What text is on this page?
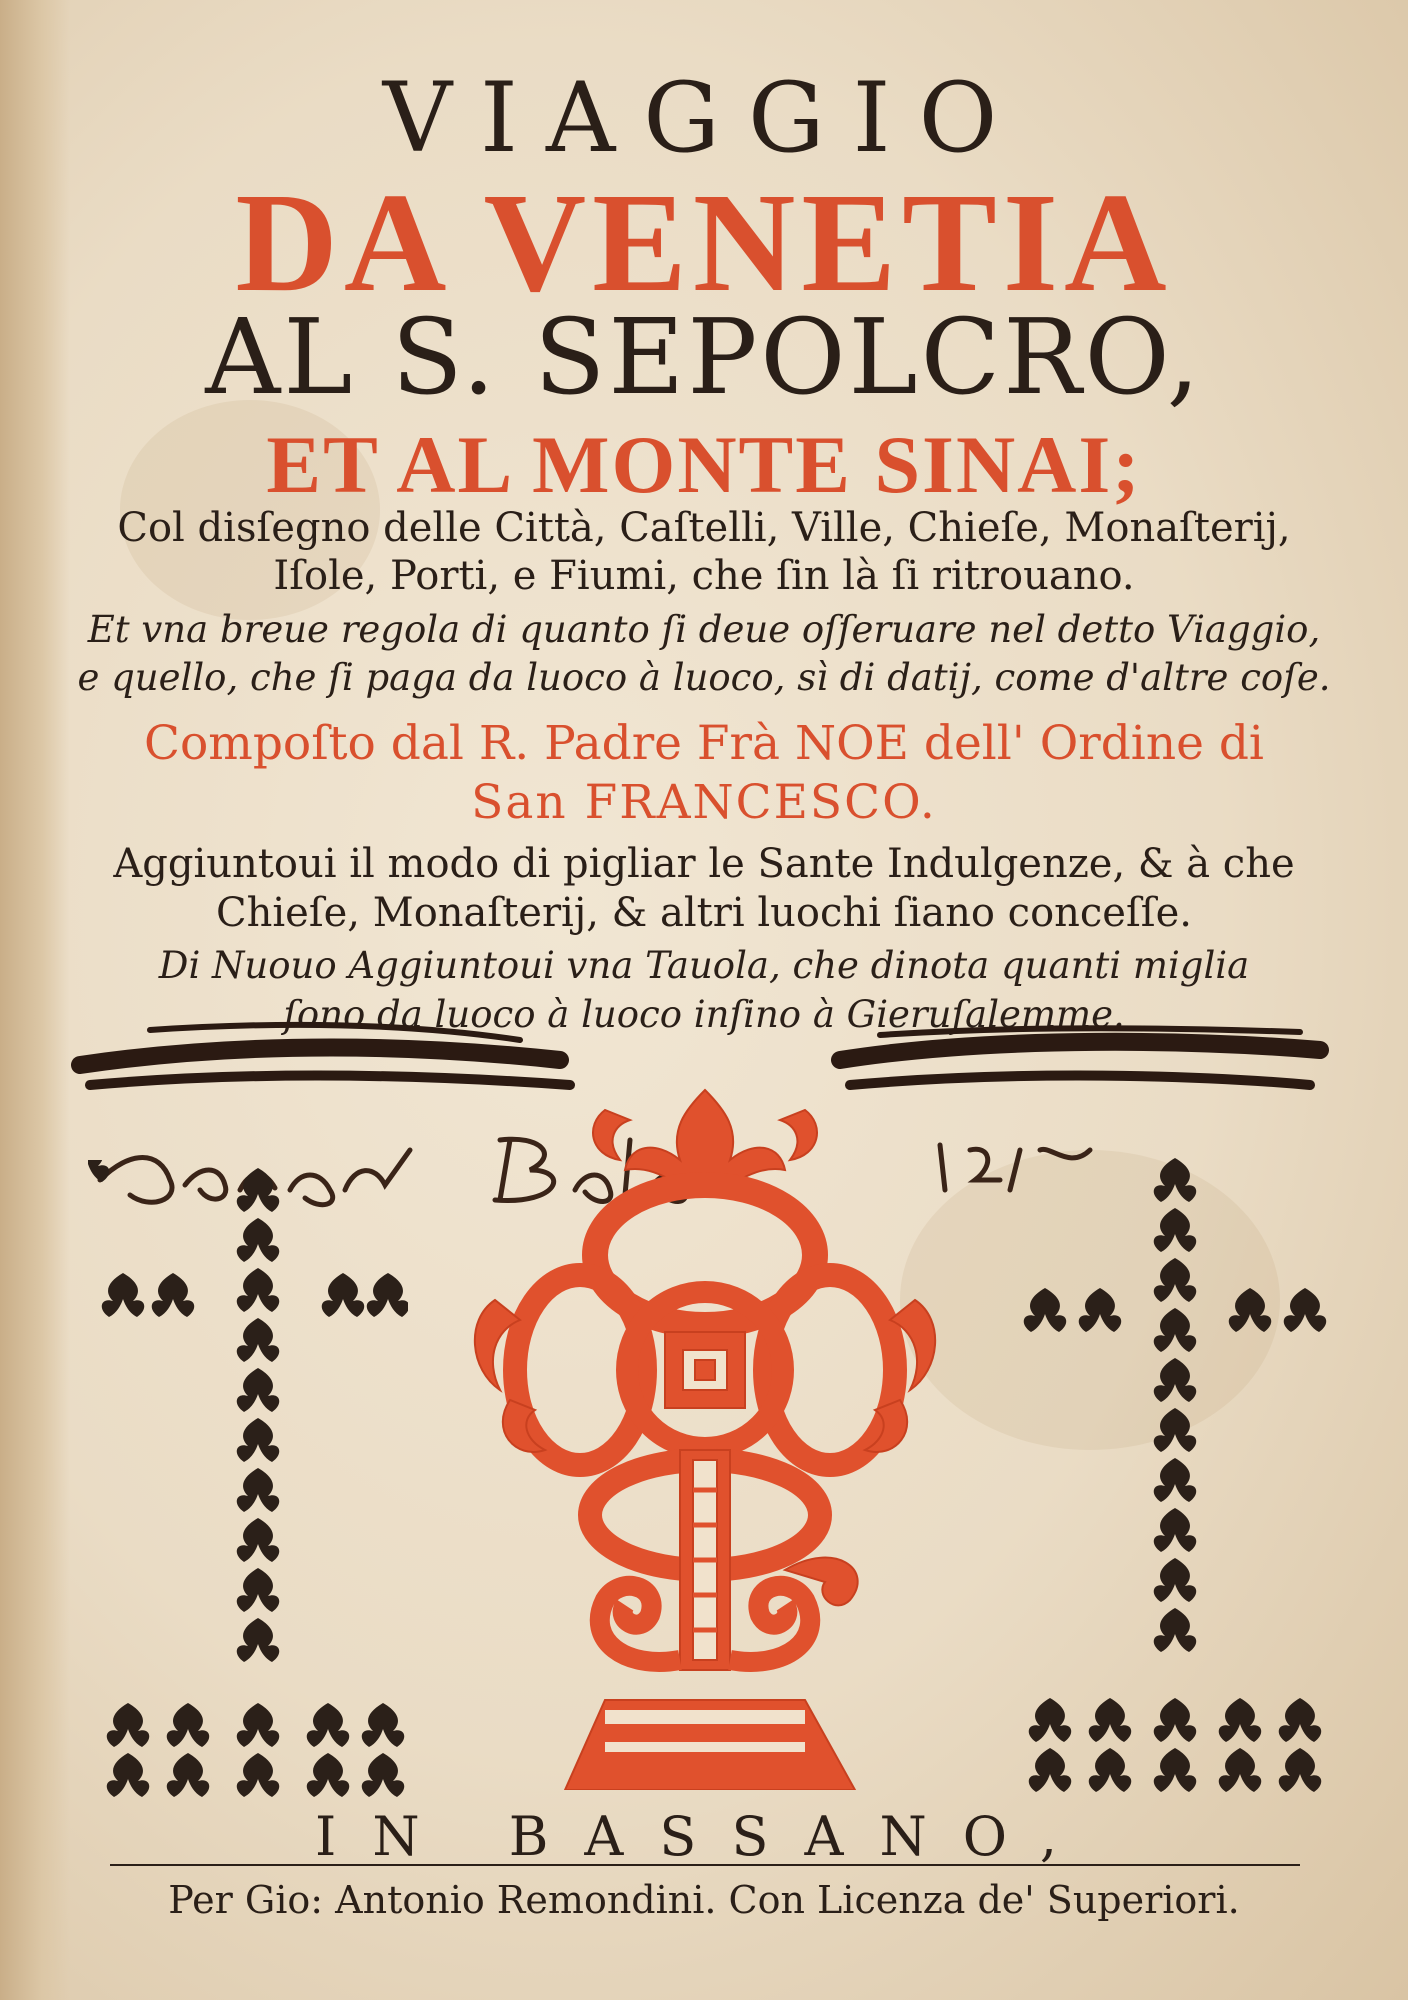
VIAGGIO
DA VENETIA
AL S. SEPOLCRO,
ET AL MONTE SINAI;
Col disſegno delle Città, Caſtelli, Ville, Chieſe, Monaſterij,
Iſole, Porti, e Fiumi, che ſin là ſi ritrouano.
Et vna breue regola di quanto ſi deue oſſeruare nel detto Viaggio,
e quello, che ſi paga da luoco à luoco, sì di datij, come d'altre coſe.
Compoſto dal R. Padre Frà NOE dell' Ordine di
San FRANCESCO.
Aggiuntoui il modo di pigliar le Sante Indulgenze, & à che
Chieſe, Monaſterij, & altri luochi ſiano conceſſe.
Di Nuouo Aggiuntoui vna Tauola, che dinota quanti miglia
ſono da luoco à luoco inſino à Gieruſalemme.
IN BASSANO,
Per Gio: Antonio Remondini. Con Licenza de' Superiori.
